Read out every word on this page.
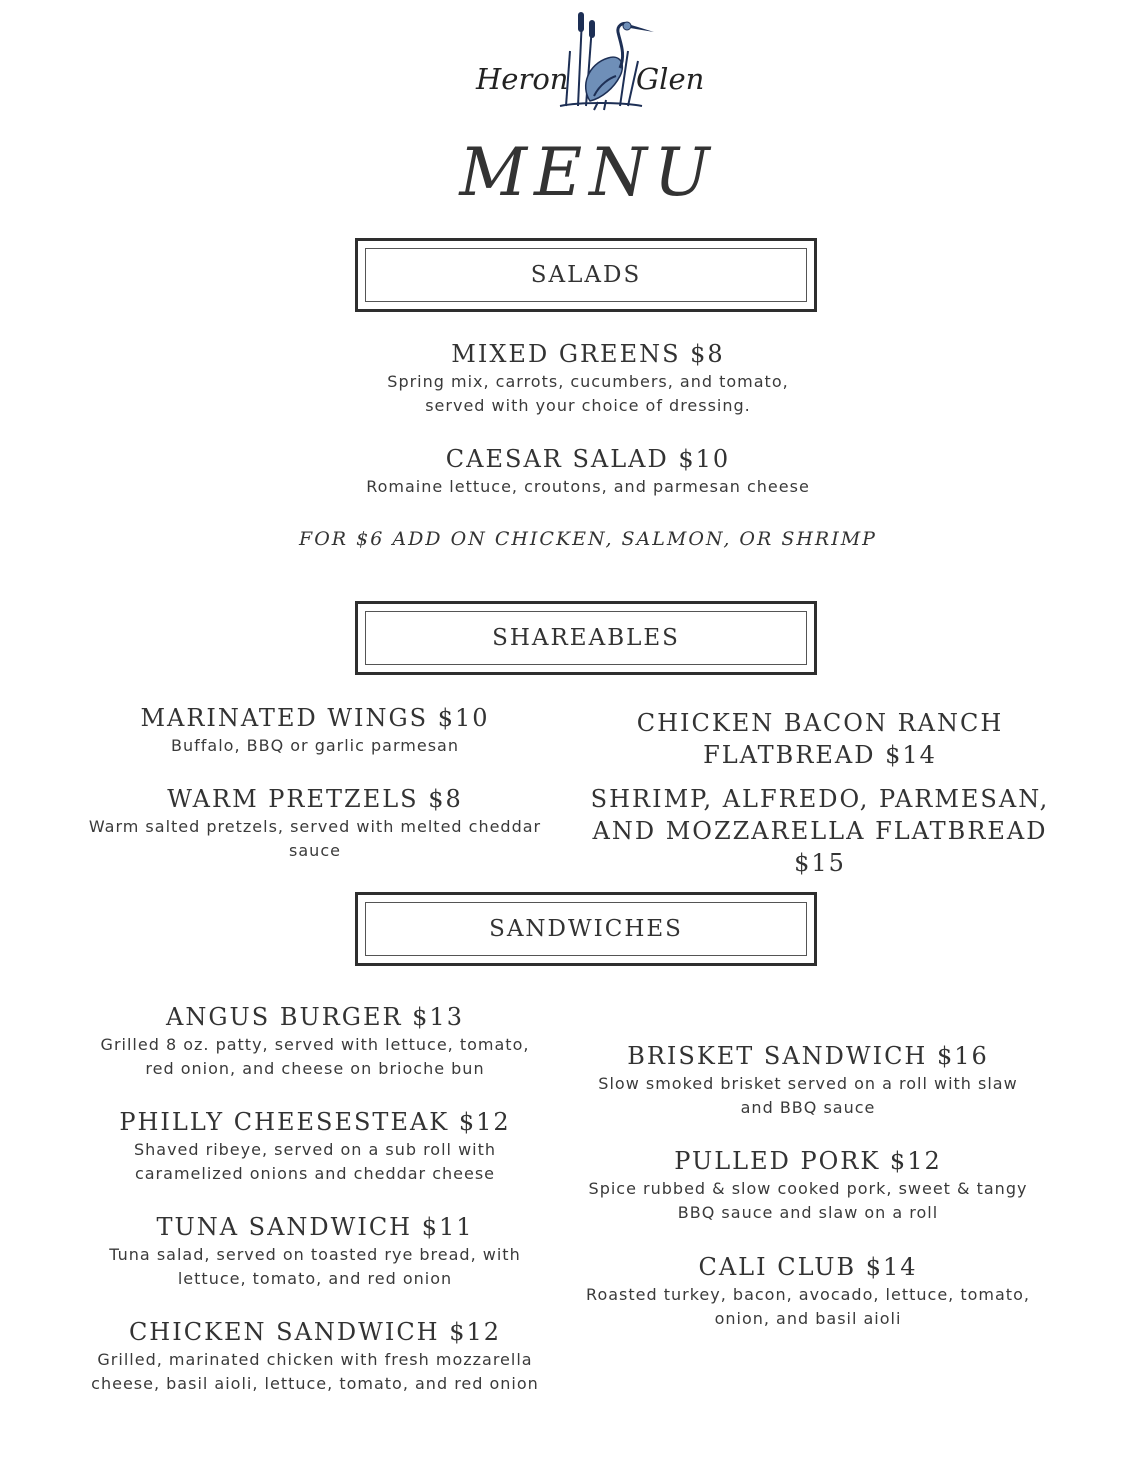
Heron Glen
MENU
SALADS
MIXED GREENS $8
Spring mix, carrots, cucumbers, and tomato,
served with your choice of dressing.
CAESAR SALAD $10
Romaine lettuce, croutons, and parmesan cheese
FOR $6 ADD ON CHICKEN, SALMON, OR SHRIMP
SHAREABLES
MARINATED WINGS $10
Buffalo, BBQ or garlic parmesan
WARM PRETZELS $8
Warm salted pretzels, served with melted cheddar
sauce
CHICKEN BACON RANCH
FLATBREAD $14
SHRIMP, ALFREDO, PARMESAN,
AND MOZZARELLA FLATBREAD
$15
SANDWICHES
ANGUS BURGER $13
Grilled 8 oz. patty, served with lettuce, tomato,
red onion, and cheese on brioche bun
PHILLY CHEESESTEAK $12
Shaved ribeye, served on a sub roll with
caramelized onions and cheddar cheese
TUNA SANDWICH $11
Tuna salad, served on toasted rye bread, with
lettuce, tomato, and red onion
CHICKEN SANDWICH $12
Grilled, marinated chicken with fresh mozzarella
cheese, basil aioli, lettuce, tomato, and red onion
BRISKET SANDWICH $16
Slow smoked brisket served on a roll with slaw
and BBQ sauce
PULLED PORK $12
Spice rubbed & slow cooked pork, sweet & tangy
BBQ sauce and slaw on a roll
CALI CLUB $14
Roasted turkey, bacon, avocado, lettuce, tomato,
onion, and basil aioli
